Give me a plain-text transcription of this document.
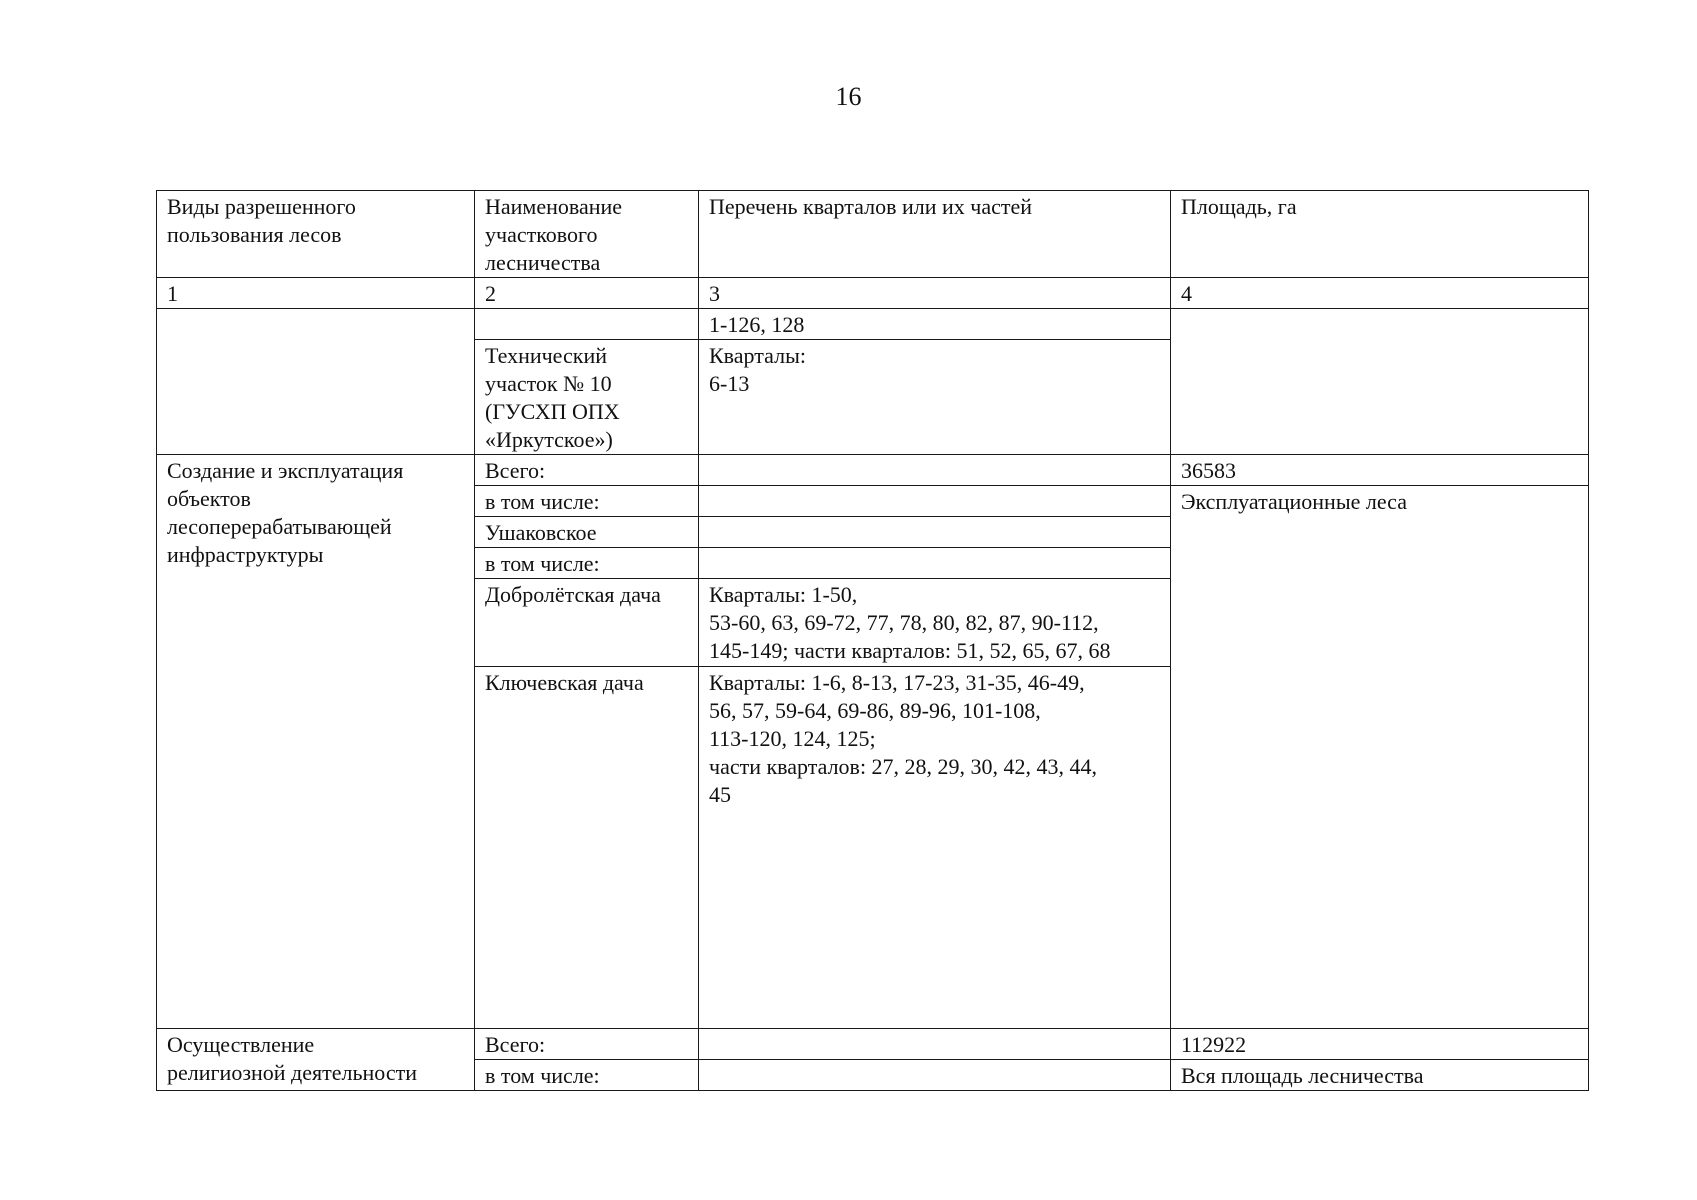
16
Виды разрешенного
пользования лесов	Наименование
участкового
лесничества	Перечень кварталов или их частей	Площадь, га
1	2	3	4
		1-126, 128	
	Технический
участок № 10
(ГУСХП ОПХ
«Иркутское»)	Кварталы:
6-13	
Создание и эксплуатация
объектов
лесоперерабатывающей
инфраструктуры	Всего:		36583
	в том числе:		Эксплуатационные леса
	Ушаковское		
	в том числе:		
	Добролётская дача	Кварталы: 1-50,
53-60, 63, 69-72, 77, 78, 80, 82, 87, 90-112,
145-149; части кварталов: 51, 52, 65, 67, 68	
	Ключевская дача	Кварталы: 1-6, 8-13, 17-23, 31-35, 46-49,
56, 57, 59-64, 69-86, 89-96, 101-108,
113-120, 124, 125;
части кварталов: 27, 28, 29, 30, 42, 43, 44,
45	
Осуществление
религиозной деятельности	Всего:		112922
	в том числе:		Вся площадь лесничества
